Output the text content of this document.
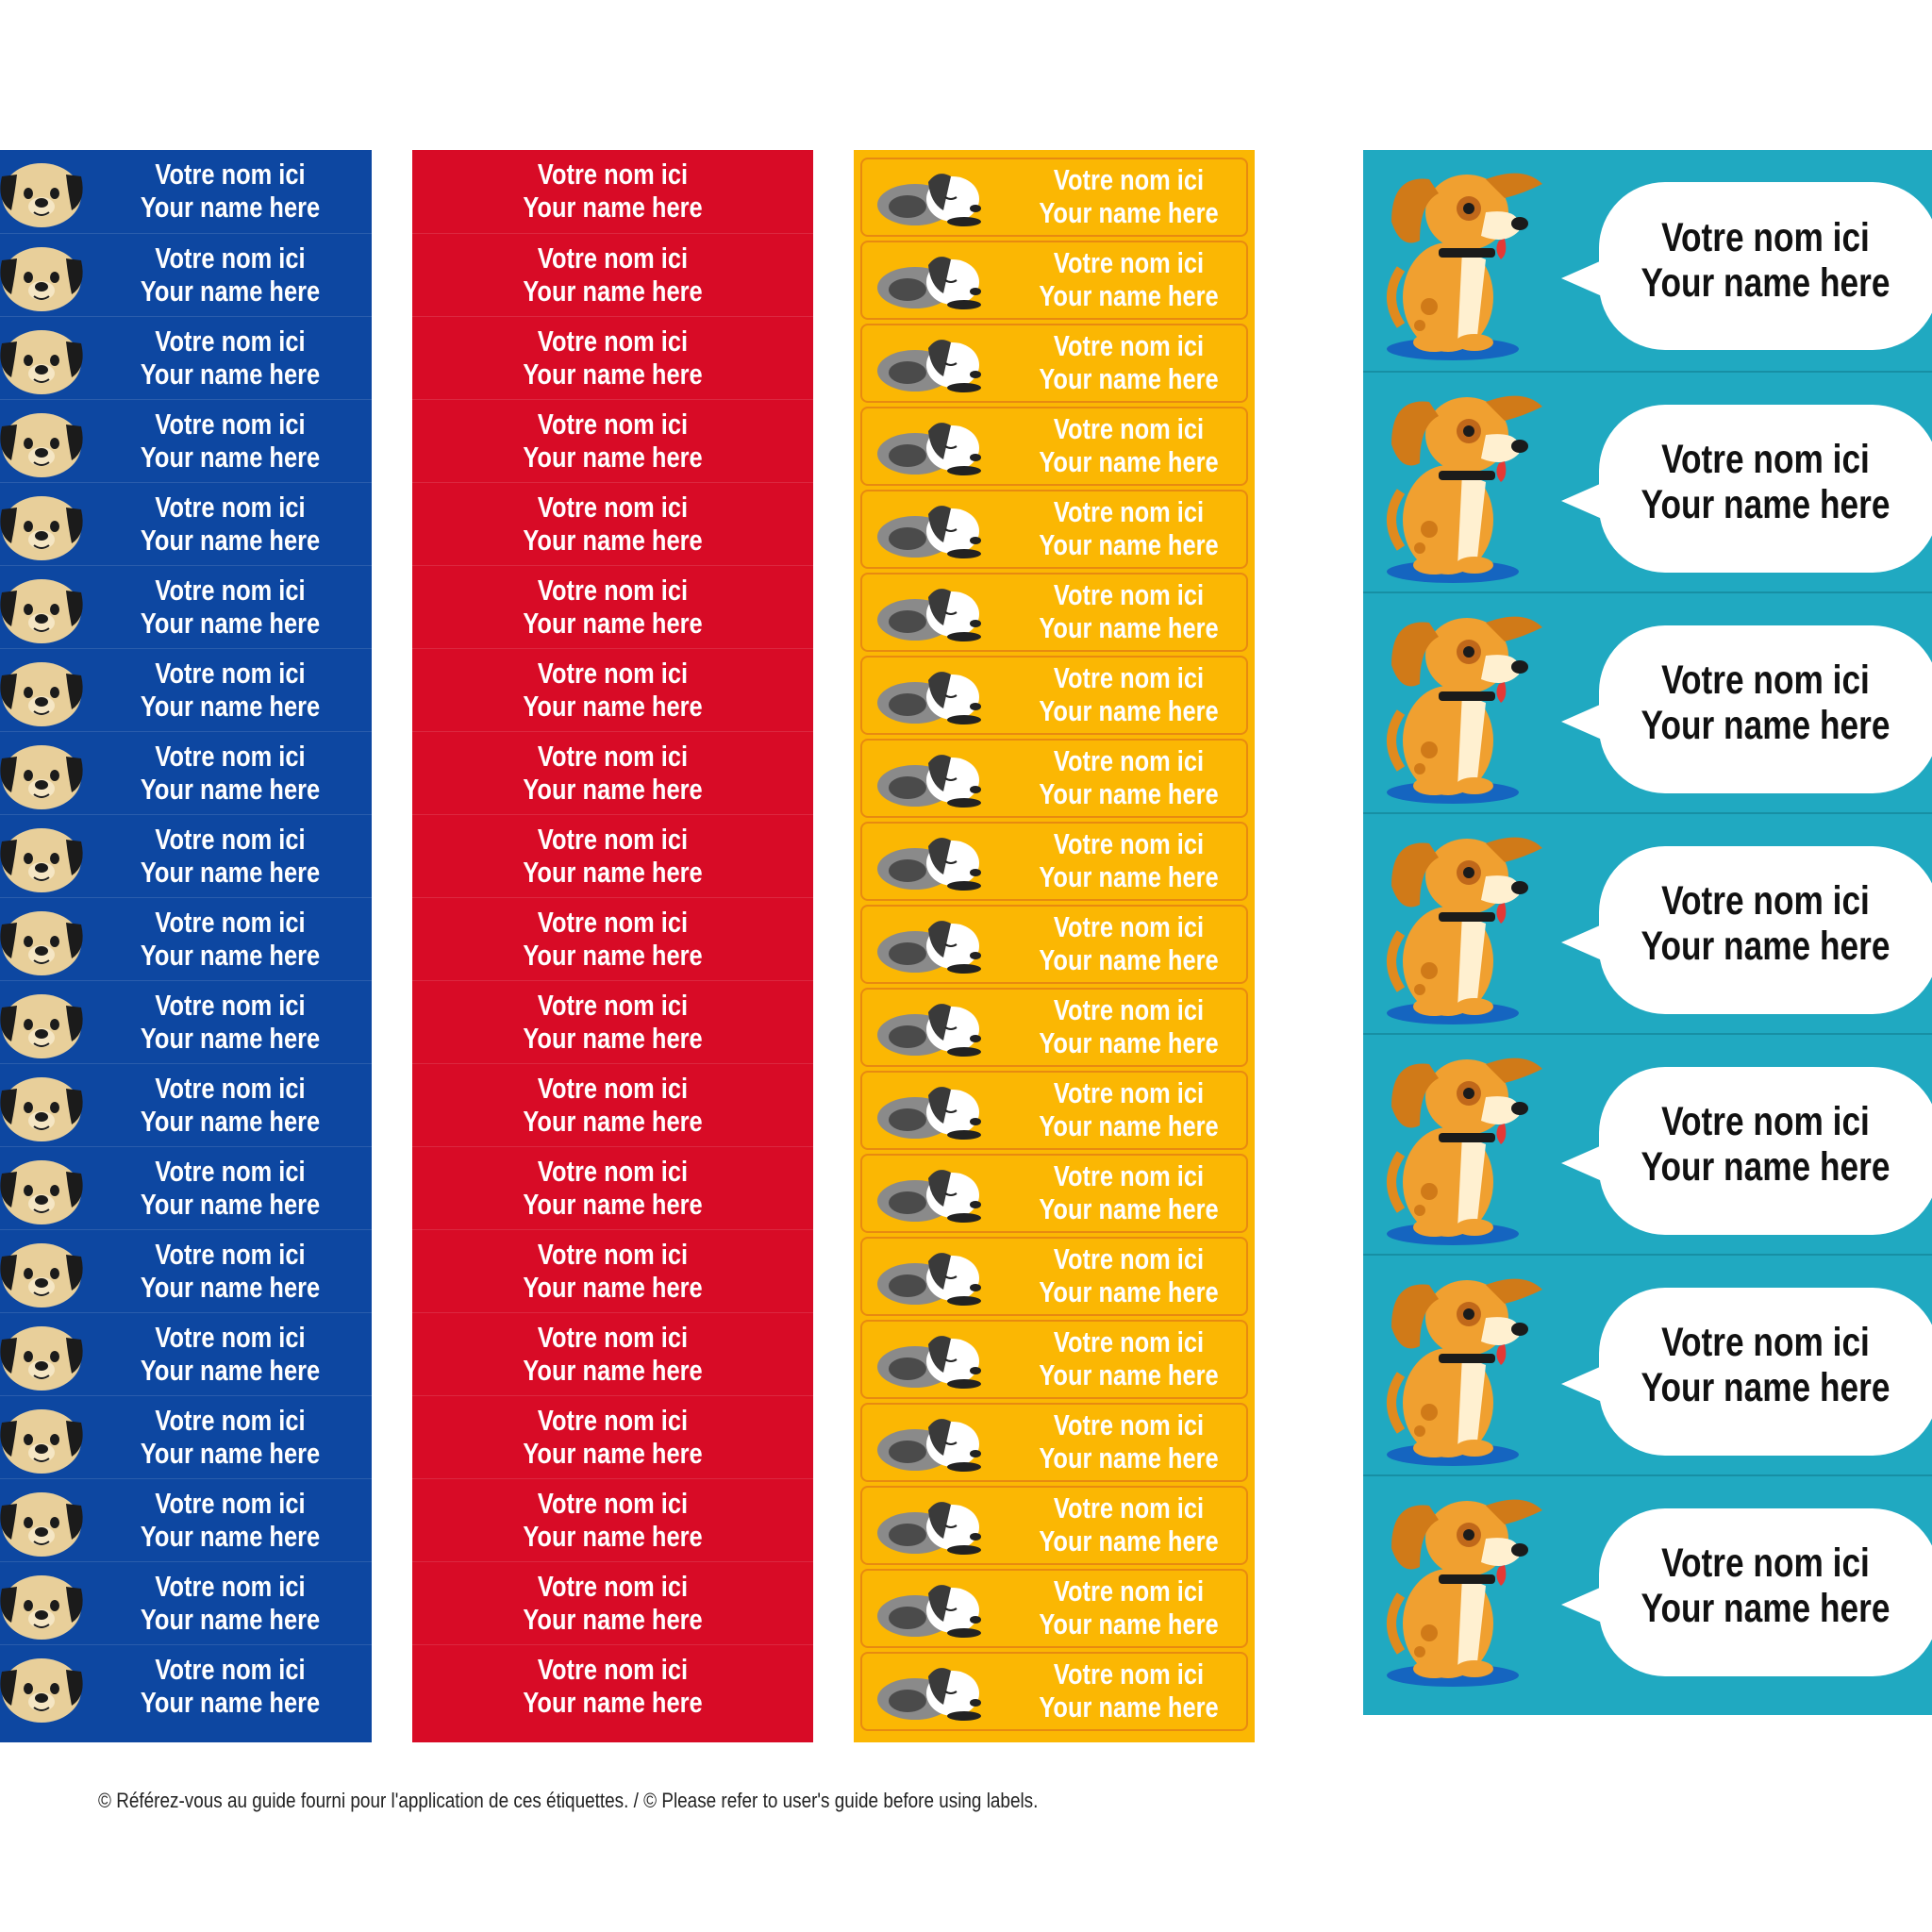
Votre nom ici
Your name here
Votre nom ici
Your name here
Votre nom ici
Your name here
Votre nom ici
Your name here
Votre nom ici
Your name here
Votre nom ici
Your name here
Votre nom ici
Your name here
Votre nom ici
Your name here
Votre nom ici
Your name here
Votre nom ici
Your name here
Votre nom ici
Your name here
Votre nom ici
Your name here
Votre nom ici
Your name here
Votre nom ici
Your name here
Votre nom ici
Your name here
Votre nom ici
Your name here
Votre nom ici
Your name here
Votre nom ici
Your name here
Votre nom ici
Your name here
Votre nom ici
Your name here
Votre nom ici
Your name here
Votre nom ici
Your name here
Votre nom ici
Your name here
Votre nom ici
Your name here
Votre nom ici
Your name here
Votre nom ici
Your name here
Votre nom ici
Your name here
Votre nom ici
Your name here
Votre nom ici
Your name here
Votre nom ici
Your name here
Votre nom ici
Your name here
Votre nom ici
Your name here
Votre nom ici
Your name here
Votre nom ici
Your name here
Votre nom ici
Your name here
Votre nom ici
Your name here
Votre nom ici
Your name here
Votre nom ici
Your name here
Votre nom ici
Your name here
Votre nom ici
Your name here
Votre nom ici
Your name here
Votre nom ici
Your name here
Votre nom ici
Your name here
Votre nom ici
Your name here
Votre nom ici
Your name here
Votre nom ici
Your name here
Votre nom ici
Your name here
Votre nom ici
Your name here
Votre nom ici
Your name here
Votre nom ici
Your name here
Votre nom ici
Your name here
Votre nom ici
Your name here
Votre nom ici
Your name here
Votre nom ici
Your name here
Votre nom ici
Your name here
Votre nom ici
Your name here
Votre nom ici
Your name here
Votre nom ici
Your name here
Votre nom ici
Your name here
Votre nom ici
Your name here
Votre nom ici
Your name here
Votre nom ici
Your name here
Votre nom ici
Your name here
Votre nom ici
Your name here
© Référez-vous au guide fourni pour l'application de ces étiquettes. / © Please refer to user's guide before using labels.
